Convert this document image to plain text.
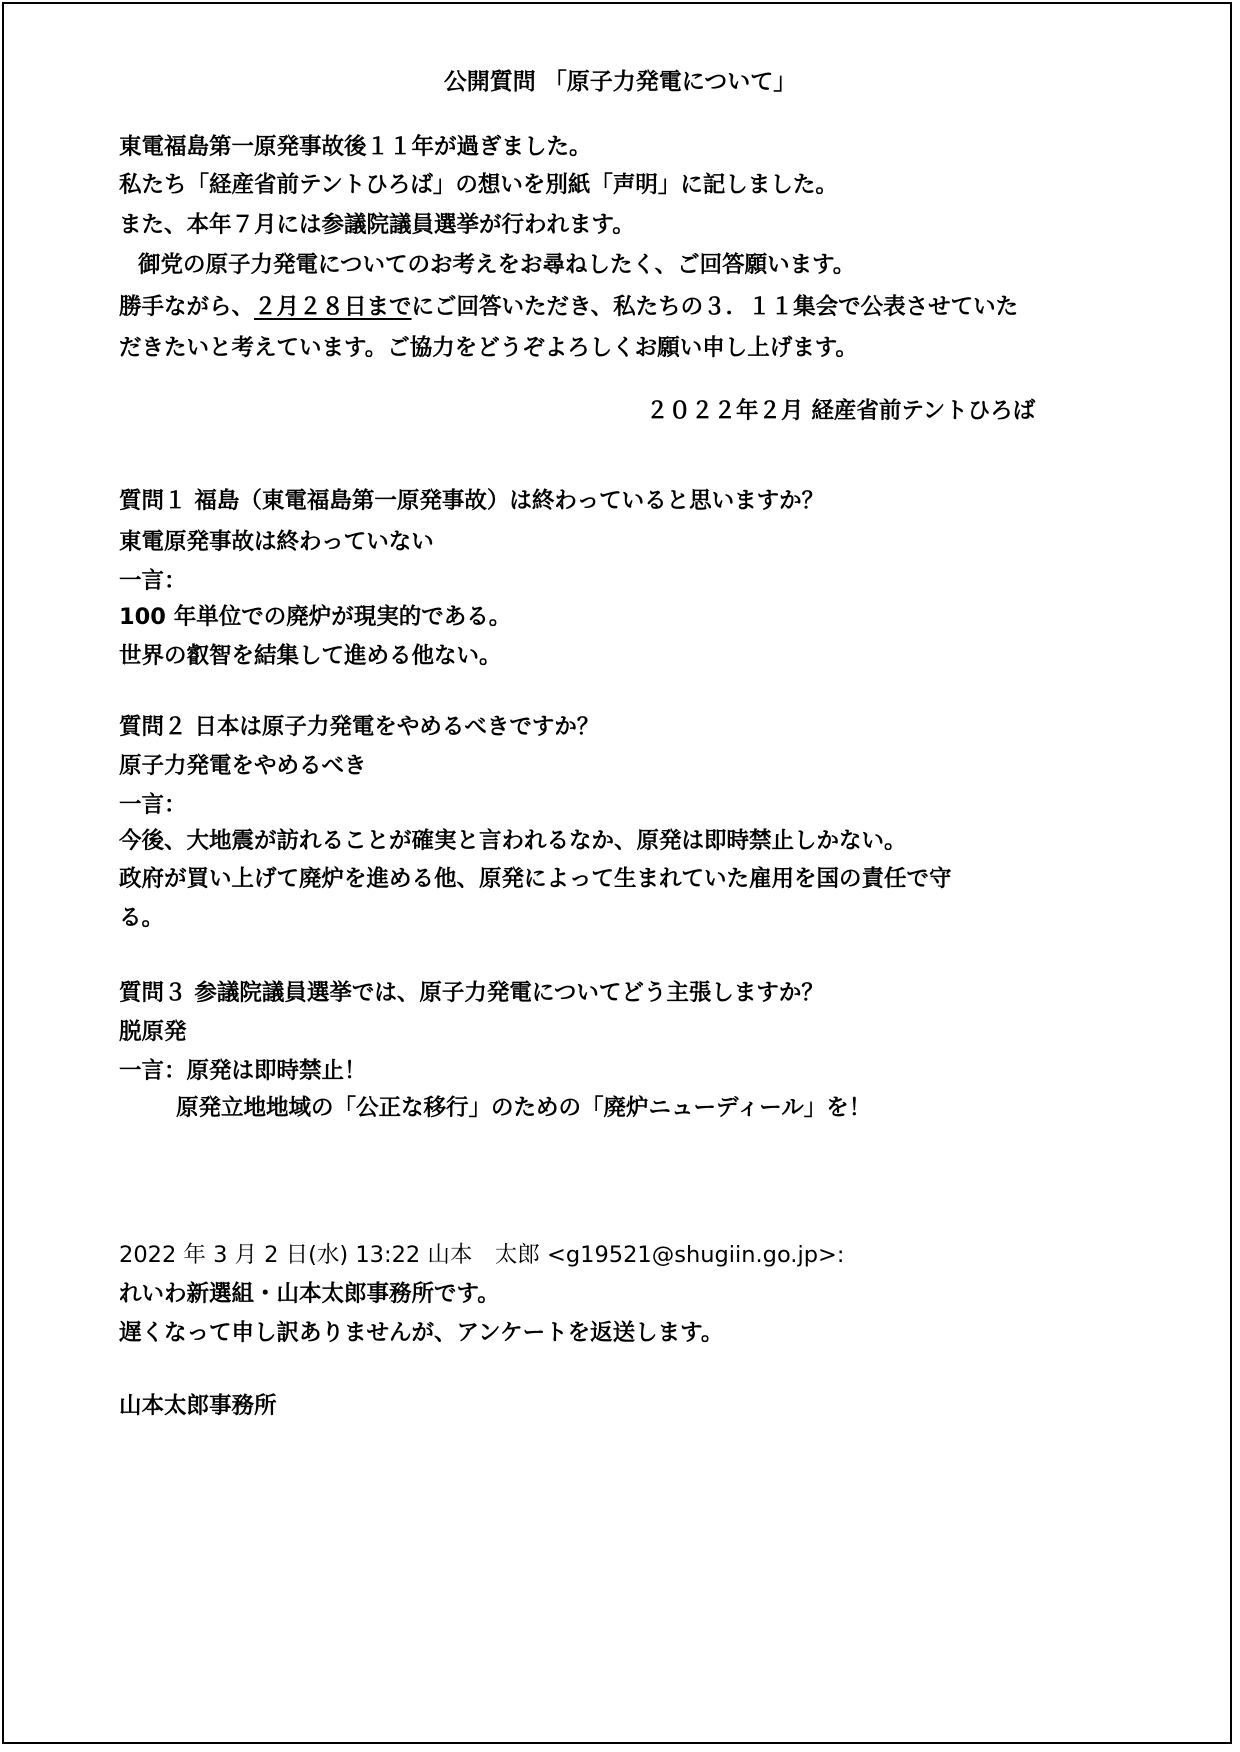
公開質問 「原子力発電について」
東電福島第一原発事故後１１年が過ぎました。
私たち「経産省前テントひろば」の想いを別紙「声明」に記しました。
また、本年７月には参議院議員選挙が行われます。
御党の原子力発電についてのお考えをお尋ねしたく、ご回答願います。
勝手ながら、２月２８日までにご回答いただき、私たちの３．１１集会で公表させていた
だきたいと考えています。ご協力をどうぞよろしくお願い申し上げます。
２０２２年２月 経産省前テントひろば
質問１ 福島（東電福島第一原発事故）は終わっていると思いますか？
東電原発事故は終わっていない
一言：
100 年単位での廃炉が現実的である。
世界の叡智を結集して進める他ない。
質問２ 日本は原子力発電をやめるべきですか？
原子力発電をやめるべき
一言：
今後、大地震が訪れることが確実と言われるなか、原発は即時禁止しかない。
政府が買い上げて廃炉を進める他、原発によって生まれていた雇用を国の責任で守
る。
質問３ 参議院議員選挙では、原子力発電についてどう主張しますか？
脱原発
一言：原発は即時禁止！
原発立地地域の「公正な移行」のための「廃炉ニューディール」を！
2022 年 3 月 2 日(水) 13:22 山本　太郎 <g19521@shugiin.go.jp>:
れいわ新選組・山本太郎事務所です。
遅くなって申し訳ありませんが、アンケートを返送します。
山本太郎事務所
